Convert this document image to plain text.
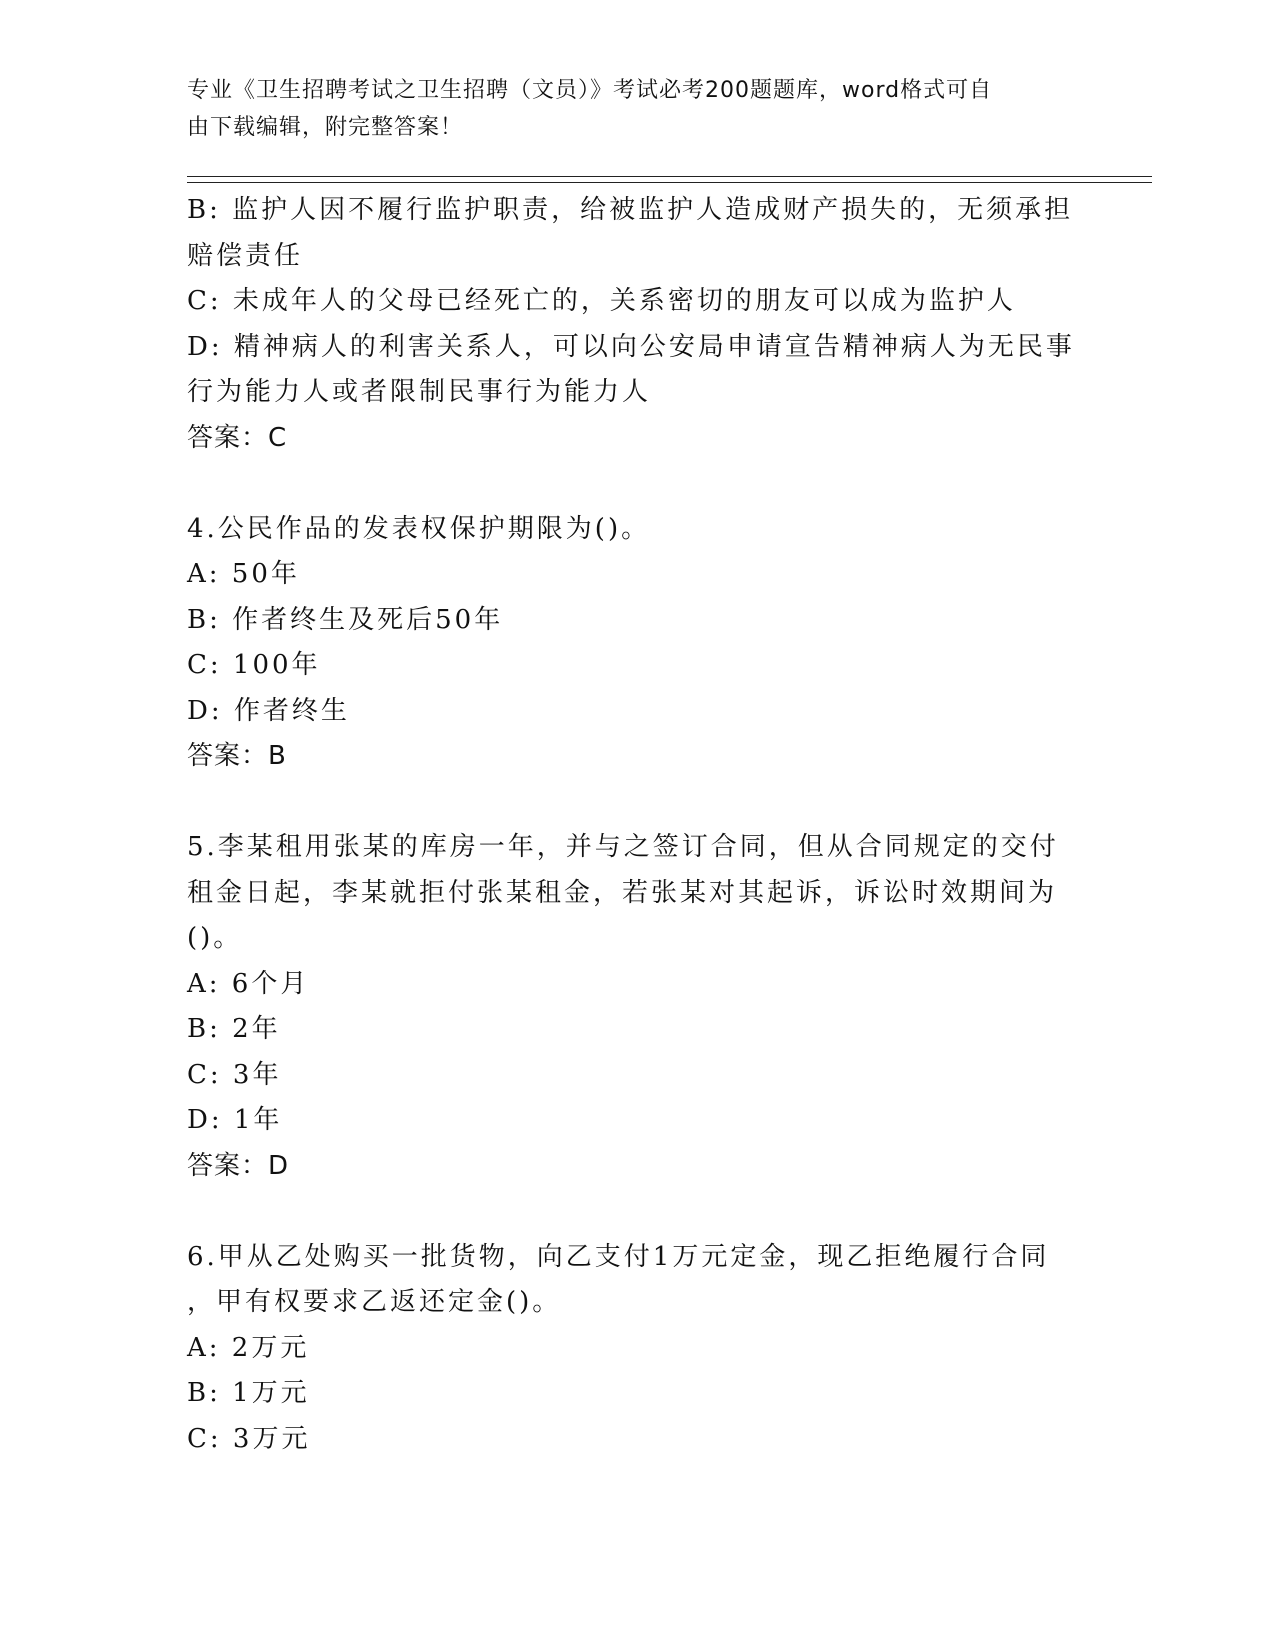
专业《卫生招聘考试之卫生招聘（文员）》考试必考200题题库，word格式可自
由下载编辑，附完整答案！
B: 监护人因不履行监护职责，给被监护人造成财产损失的，无须承担
赔偿责任
C: 未成年人的父母已经死亡的，关系密切的朋友可以成为监护人
D: 精神病人的利害关系人，可以向公安局申请宣告精神病人为无民事
行为能力人或者限制民事行为能力人
答案：C
4.公民作品的发表权保护期限为()。
A: 50年
B: 作者终生及死后50年
C: 100年
D: 作者终生
答案：B
5.李某租用张某的库房一年，并与之签订合同，但从合同规定的交付
租金日起，李某就拒付张某租金，若张某对其起诉，诉讼时效期间为
()。
A: 6个月
B: 2年
C: 3年
D: 1年
答案：D
6.甲从乙处购买一批货物，向乙支付1万元定金，现乙拒绝履行合同
，甲有权要求乙返还定金()。
A: 2万元
B: 1万元
C: 3万元
